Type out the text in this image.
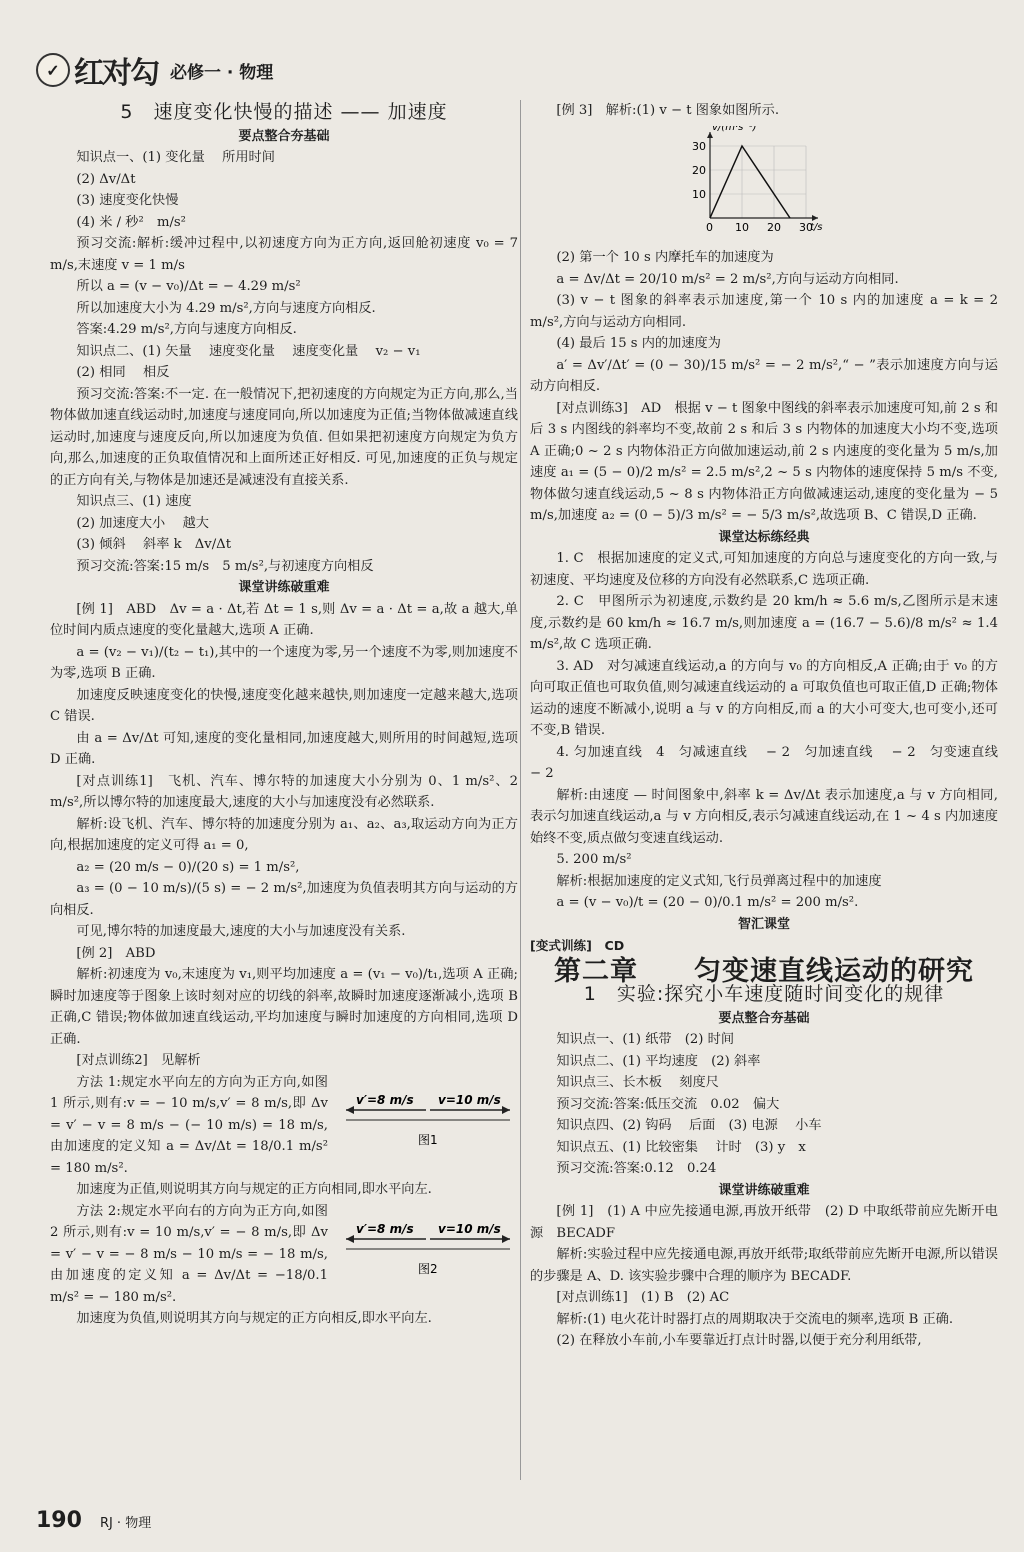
✓ 红对勾 必修一 · 物理
5　速度变化快慢的描述 —— 加速度
要点整合夯基础

知识点一、(1) 变化量　 所用时间

(2) Δv/Δt

(3) 速度变化快慢

(4) 米 / 秒²　m/s²

预习交流:解析:缓冲过程中,以初速度方向为正方向,返回舱初速度 v₀ = 7 m/s,末速度 v = 1 m/s

所以 a = (v − v₀)/Δt = − 4.29 m/s²

所以加速度大小为 4.29 m/s²,方向与速度方向相反.

答案:4.29 m/s²,方向与速度方向相反.

知识点二、(1) 矢量　 速度变化量　 速度变化量　 v₂ − v₁

(2) 相同　 相反

预习交流:答案:不一定. 在一般情况下,把初速度的方向规定为正方向,那么,当物体做加速直线运动时,加速度与速度同向,所以加速度为正值;当物体做减速直线运动时,加速度与速度反向,所以加速度为负值. 但如果把初速度方向规定为负方向,那么,加速度的正负取值情况和上面所述正好相反. 可见,加速度的正负与规定的正方向有关,与物体是加速还是减速没有直接关系.

知识点三、(1) 速度

(2) 加速度大小　 越大

(3) 倾斜　 斜率 k　Δv/Δt

预习交流:答案:15 m/s　5 m/s²,与初速度方向相反

课堂讲练破重难

[例 1]　ABD　Δv = a · Δt,若 Δt = 1 s,则 Δv = a · Δt = a,故 a 越大,单位时间内质点速度的变化量越大,选项 A 正确.

a = (v₂ − v₁)/(t₂ − t₁),其中的一个速度为零,另一个速度不为零,则加速度不为零,选项 B 正确.

加速度反映速度变化的快慢,速度变化越来越快,则加速度一定越来越大,选项 C 错误.

由 a = Δv/Δt 可知,速度的变化量相同,加速度越大,则所用的时间越短,选项 D 正确.

[对点训练1]　飞机、汽车、博尔特的加速度大小分别为 0、1 m/s²、2 m/s²,所以博尔特的加速度最大,速度的大小与加速度没有必然联系.

解析:设飞机、汽车、博尔特的加速度分别为 a₁、a₂、a₃,取运动方向为正方向,根据加速度的定义可得 a₁ = 0,

a₂ = (20 m/s − 0)/(20 s) = 1 m/s²,

a₃ = (0 − 10 m/s)/(5 s) = − 2 m/s²,加速度为负值表明其方向与运动的方向相反.

可见,博尔特的加速度最大,速度的大小与加速度没有关系.

[例 2]　ABD

解析:初速度为 v₀,末速度为 v₁,则平均加速度 a = (v₁ − v₀)/t₁,选项 A 正确;瞬时加速度等于图象上该时刻对应的切线的斜率,故瞬时加速度逐渐减小,选项 B 正确,C 错误;物体做加速直线运动,平均加速度与瞬时加速度的方向相同,选项 D 正确.

[对点训练2]　见解析

方法 1:规定水平向左的方向为正方向,如图 1 所示,则有:v = − 10 m/s,v′ = 8 m/s,即 Δv = v′ − v = 8 m/s − (− 10 m/s) = 18 m/s,由加速度的定义知 a = Δv/Δt = 18/0.1 m/s² = 180 m/s².

v′=8 m/s v=10 m/s
图1

加速度为正值,则说明其方向与规定的正方向相同,即水平向左.

方法 2:规定水平向右的方向为正方向,如图 2 所示,则有:v = 10 m/s,v′ = − 8 m/s,即 Δv = v′ − v = − 8 m/s − 10 m/s = − 18 m/s,由加速度的定义知 a = Δv/Δt = −18/0.1 m/s² = − 180 m/s².

v′=8 m/s v=10 m/s
图2

加速度为负值,则说明其方向与规定的正方向相反,即水平向左.

[例 3]　解析:(1) v − t 图象如图所示.

v/(m·s⁻¹)
t/s
10
20
30
0 10 20 30

(2) 第一个 10 s 内摩托车的加速度为

a = Δv/Δt = 20/10 m/s² = 2 m/s²,方向与运动方向相同.

(3) v − t 图象的斜率表示加速度,第一个 10 s 内的加速度 a = k = 2 m/s²,方向与运动方向相同.

(4) 最后 15 s 内的加速度为

a′ = Δv′/Δt′ = (0 − 30)/15 m/s² = − 2 m/s²,“ − ”表示加速度方向与运动方向相反.

[对点训练3]　AD　根据 v − t 图象中图线的斜率表示加速度可知,前 2 s 和后 3 s 内图线的斜率均不变,故前 2 s 和后 3 s 内物体的加速度大小均不变,选项 A 正确;0 ~ 2 s 内物体沿正方向做加速运动,前 2 s 内速度的变化量为 5 m/s,加速度 a₁ = (5 − 0)/2 m/s² = 2.5 m/s²,2 ~ 5 s 内物体的速度保持 5 m/s 不变,物体做匀速直线运动,5 ~ 8 s 内物体沿正方向做减速运动,速度的变化量为 − 5 m/s,加速度 a₂ = (0 − 5)/3 m/s² = − 5/3 m/s²,故选项 B、C 错误,D 正确.

课堂达标练经典

1. C　根据加速度的定义式,可知加速度的方向总与速度变化的方向一致,与初速度、平均速度及位移的方向没有必然联系,C 选项正确.

2. C　甲图所示为初速度,示数约是 20 km/h ≈ 5.6 m/s,乙图所示是末速度,示数约是 60 km/h ≈ 16.7 m/s,则加速度 a = (16.7 − 5.6)/8 m/s² ≈ 1.4 m/s²,故 C 选项正确.

3. AD　对匀减速直线运动,a 的方向与 v₀ 的方向相反,A 正确;由于 v₀ 的方向可取正值也可取负值,则匀减速直线运动的 a 可取负值也可取正值,D 正确;物体运动的速度不断减小,说明 a 与 v 的方向相反,而 a 的大小可变大,也可变小,还可不变,B 错误.

4. 匀加速直线　4　匀减速直线　 − 2　匀加速直线　 − 2　匀变速直线　 − 2

解析:由速度 — 时间图象中,斜率 k = Δv/Δt 表示加速度,a 与 v 方向相同,表示匀加速直线运动,a 与 v 方向相反,表示匀减速直线运动,在 1 ~ 4 s 内加速度始终不变,质点做匀变速直线运动.

5. 200 m/s²

解析:根据加速度的定义式知,飞行员弹离过程中的加速度

a = (v − v₀)/t = (20 − 0)/0.1 m/s² = 200 m/s².

智汇课堂

[变式训练]　CD

第二章　　匀变速直线运动的研究
1　实验:探究小车速度随时间变化的规律
要点整合夯基础

知识点一、(1) 纸带　(2) 时间

知识点二、(1) 平均速度　(2) 斜率

知识点三、长木板　 刻度尺

预习交流:答案:低压交流　0.02　偏大

知识点四、(2) 钩码　 后面　(3) 电源　 小车

知识点五、(1) 比较密集　 计时　(3) y　x

预习交流:答案:0.12　0.24

课堂讲练破重难

[例 1]　(1) A 中应先接通电源,再放开纸带　(2) D 中取纸带前应先断开电源　BECADF

解析:实验过程中应先接通电源,再放开纸带;取纸带前应先断开电源,所以错误的步骤是 A、D. 该实验步骤中合理的顺序为 BECADF.

[对点训练1]　(1) B　(2) AC

解析:(1) 电火花计时器打点的周期取决于交流电的频率,选项 B 正确.

(2) 在释放小车前,小车要靠近打点计时器,以便于充分利用纸带,

190 RJ · 物理
